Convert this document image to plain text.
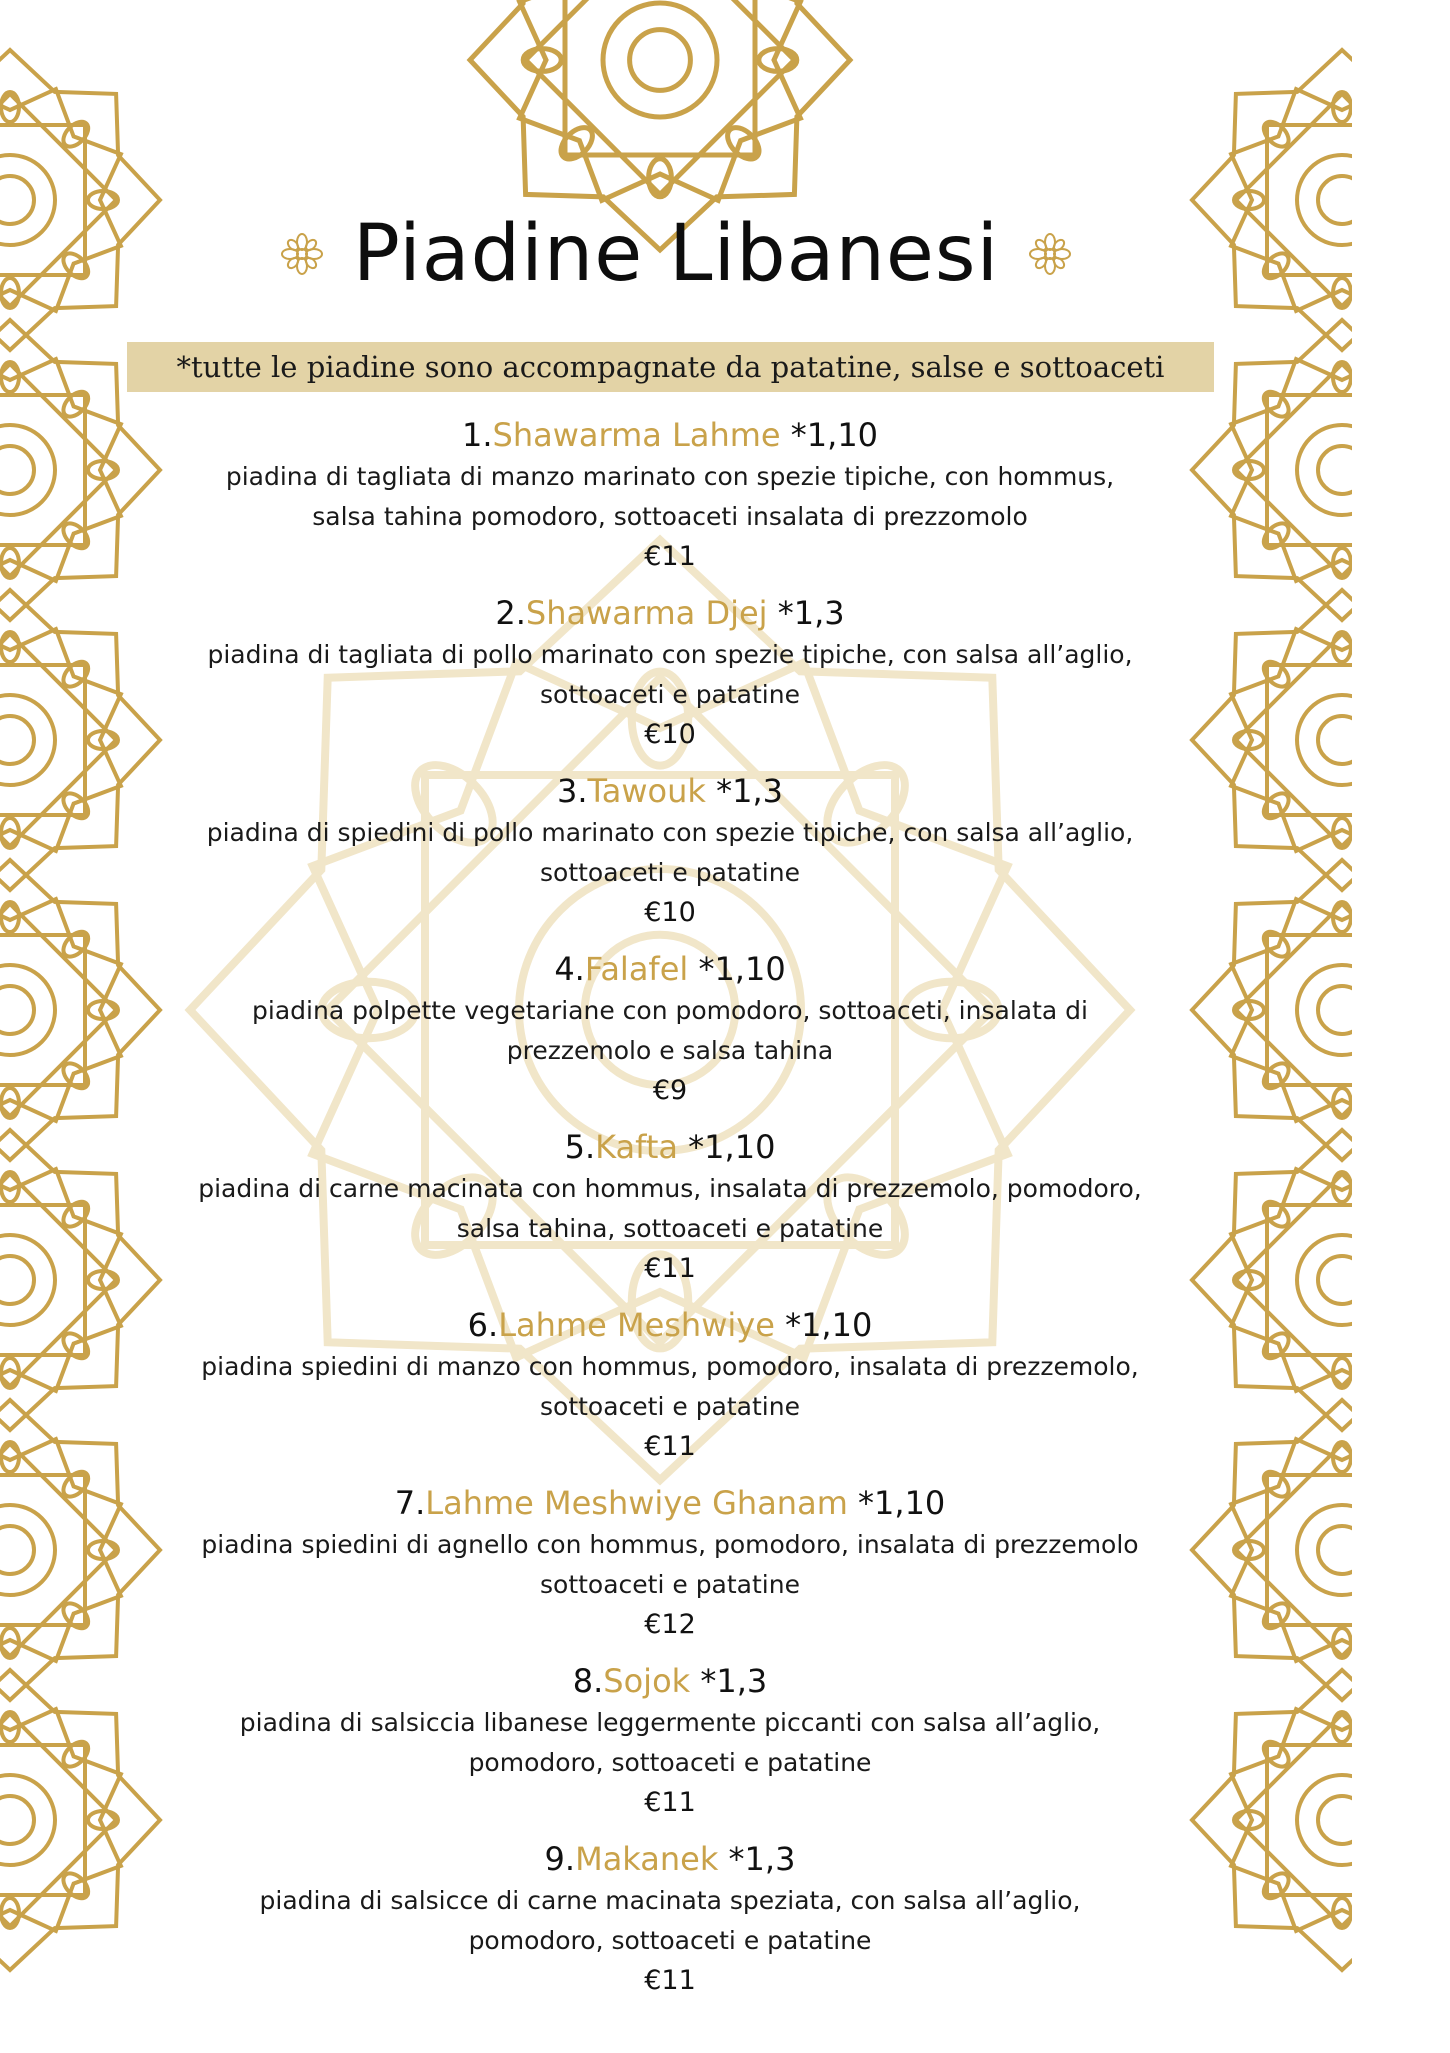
Piadine Libanesi
*tutte le piadine sono accompagnate da patatine, salse e sottoaceti
1.Shawarma Lahme *1,10
piadina di tagliata di manzo marinato con spezie tipiche, con hommus,
salsa tahina pomodoro, sottoaceti insalata di prezzomolo
€11
2.Shawarma Djej *1,3
piadina di tagliata di pollo marinato con spezie tipiche, con salsa all’aglio,
sottoaceti e patatine
€10
3.Tawouk *1,3
piadina di spiedini di pollo marinato con spezie tipiche, con salsa all’aglio,
sottoaceti e patatine
€10
4.Falafel *1,10
piadina polpette vegetariane con pomodoro, sottoaceti, insalata di
prezzemolo e salsa tahina
€9
5.Kafta *1,10
piadina di carne macinata con hommus, insalata di prezzemolo, pomodoro,
salsa tahina, sottoaceti e patatine
€11
6.Lahme Meshwiye *1,10
piadina spiedini di manzo con hommus, pomodoro, insalata di prezzemolo,
sottoaceti e patatine
€11
7.Lahme Meshwiye Ghanam *1,10
piadina spiedini di agnello con hommus, pomodoro, insalata di prezzemolo
sottoaceti e patatine
€12
8.Sojok *1,3
piadina di salsiccia libanese leggermente piccanti con salsa all’aglio,
pomodoro, sottoaceti e patatine
€11
9.Makanek *1,3
piadina di salsicce di carne macinata speziata, con salsa all’aglio,
pomodoro, sottoaceti e patatine
€11
